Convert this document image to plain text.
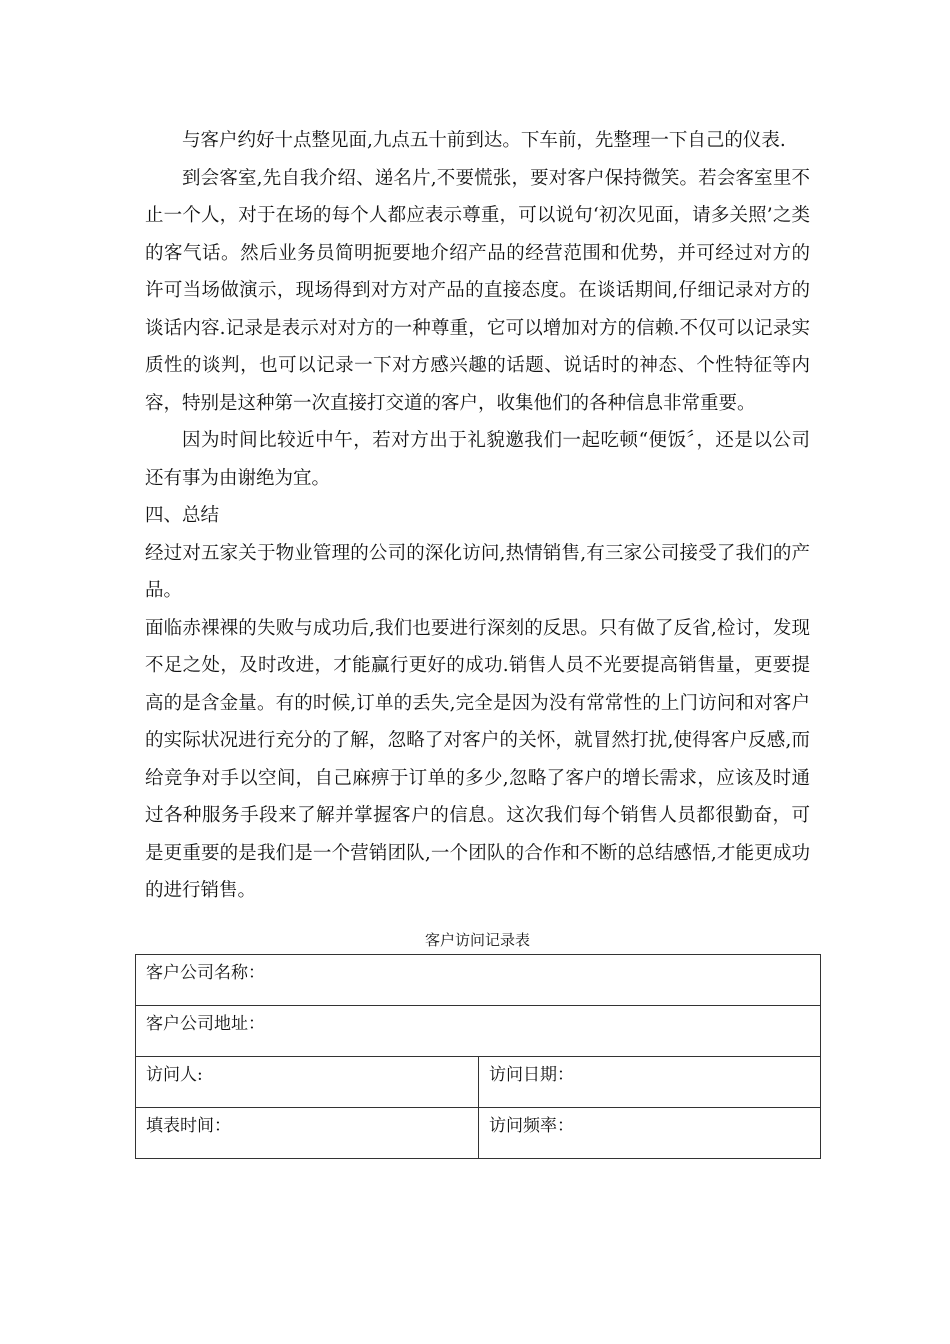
与客户约好十点整见面,九点五十前到达。下车前，先整理一下自己的仪表.

到会客室,先自我介绍、递名片,不要慌张，要对客户保持微笑。若会客室里不止一个人，对于在场的每个人都应表示尊重，可以说句‘初次见面，请多关照’之类的客气话。然后业务员简明扼要地介绍产品的经营范围和优势，并可经过对方的许可当场做演示，现场得到对方对产品的直接态度。在谈话期间,仔细记录对方的谈话内容.记录是表示对对方的一种尊重，它可以增加对方的信赖.不仅可以记录实质性的谈判，也可以记录一下对方感兴趣的话题、说话时的神态、个性特征等内容，特别是这种第一次直接打交道的客户，收集他们的各种信息非常重要。

因为时间比较近中午，若对方出于礼貌邀我们一起吃顿“便饭〞，还是以公司还有事为由谢绝为宜。

四、总结

经过对五家关于物业管理的公司的深化访问,热情销售,有三家公司接受了我们的产品。

面临赤裸裸的失败与成功后,我们也要进行深刻的反思。只有做了反省,检讨，发现不足之处，及时改进，才能赢行更好的成功.销售人员不光要提高销售量，更要提高的是含金量。有的时候,订单的丢失,完全是因为没有常常性的上门访问和对客户的实际状况进行充分的了解，忽略了对客户的关怀，就冒然打扰,使得客户反感,而给竞争对手以空间，自己麻痹于订单的多少,忽略了客户的增长需求，应该及时通过各种服务手段来了解并掌握客户的信息。这次我们每个销售人员都很勤奋，可是更重要的是我们是一个营销团队,一个团队的合作和不断的总结感悟,才能更成功的进行销售。

客户访问记录表
客户公司名称：	
客户公司地址：	
访问人:	访问日期：
填表时间：	访问频率：
